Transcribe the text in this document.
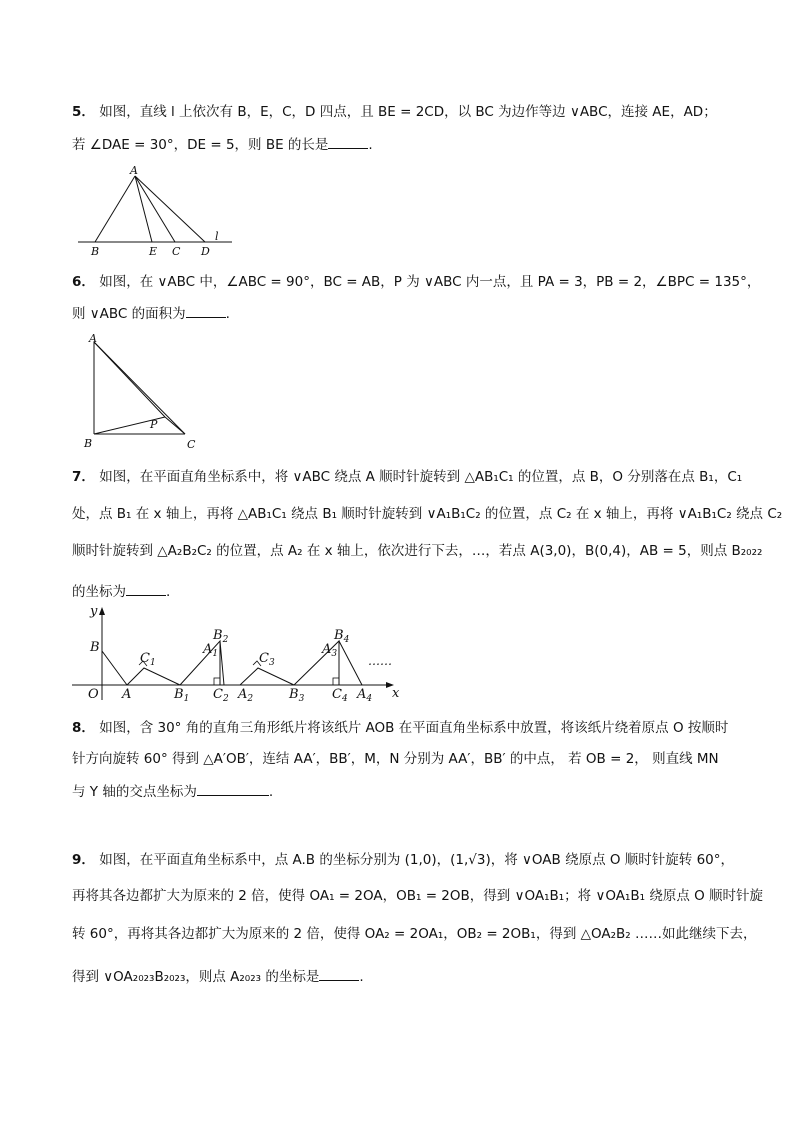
5． 如图，直线 l 上依次有 B，E，C，D 四点，且 BE = 2CD，以 BC 为边作等边 ∨ABC，连接 AE，AD；
若 ∠DAE = 30°，DE = 5，则 BE 的长是	.
A
B	E C D
l
6． 如图，在 ∨ABC 中，∠ABC = 90°，BC = AB，P 为 ∨ABC 内一点，且 PA = 3，PB = 2，∠BPC = 135°，
则 ∨ABC 的面积为	.
A
B	C
P
7． 如图，在平面直角坐标系中，将 ∨ABC 绕点 A 顺时针旋转到 △AB₁C₁ 的位置，点 B，O 分别落在点 B₁，C₁
处，点 B₁ 在 x 轴上，再将 △AB₁C₁ 绕点 B₁ 顺时针旋转到 ∨A₁B₁C₂ 的位置，点 C₂ 在 x 轴上，再将 ∨A₁B₁C₂ 绕点 C₂
顺时针旋转到 △A₂B₂C₂ 的位置，点 A₂ 在 x 轴上，依次进行下去，…，若点 A(3,0)，B(0,4)，AB = 5，则点 B₂₀₂₂
的坐标为	.
y
x
O
B
A
$C_1$
$B_1$
$B_2$
$A_1$
$C_2$ $A_2$
$C_3$
$B_3$
$B_4$
$A_3$
$C_4$ $A_4$
……
8． 如图，含 30° 角的直角三角形纸片将该纸片 AOB 在平面直角坐标系中放置，将该纸片绕着原点 O 按顺时
针方向旋转 60° 得到 △A′OB′，连结 AA′，BB′，M，N 分别为 AA′，BB′ 的中点， 若 OB = 2， 则直线 MN
与 Y 轴的交点坐标为	.
9． 如图，在平面直角坐标系中，点 A.B 的坐标分别为 (1,0)，(1,√3)，将 ∨OAB 绕原点 O 顺时针旋转 60°，
再将其各边都扩大为原来的 2 倍，使得 OA₁ = 2OA，OB₁ = 2OB，得到 ∨OA₁B₁；将 ∨OA₁B₁ 绕原点 O 顺时针旋
转 60°，再将其各边都扩大为原来的 2 倍，使得 OA₂ = 2OA₁，OB₂ = 2OB₁，得到 △OA₂B₂ ……如此继续下去，
得到 ∨OA₂₀₂₃B₂₀₂₃，则点 A₂₀₂₃ 的坐标是	.
